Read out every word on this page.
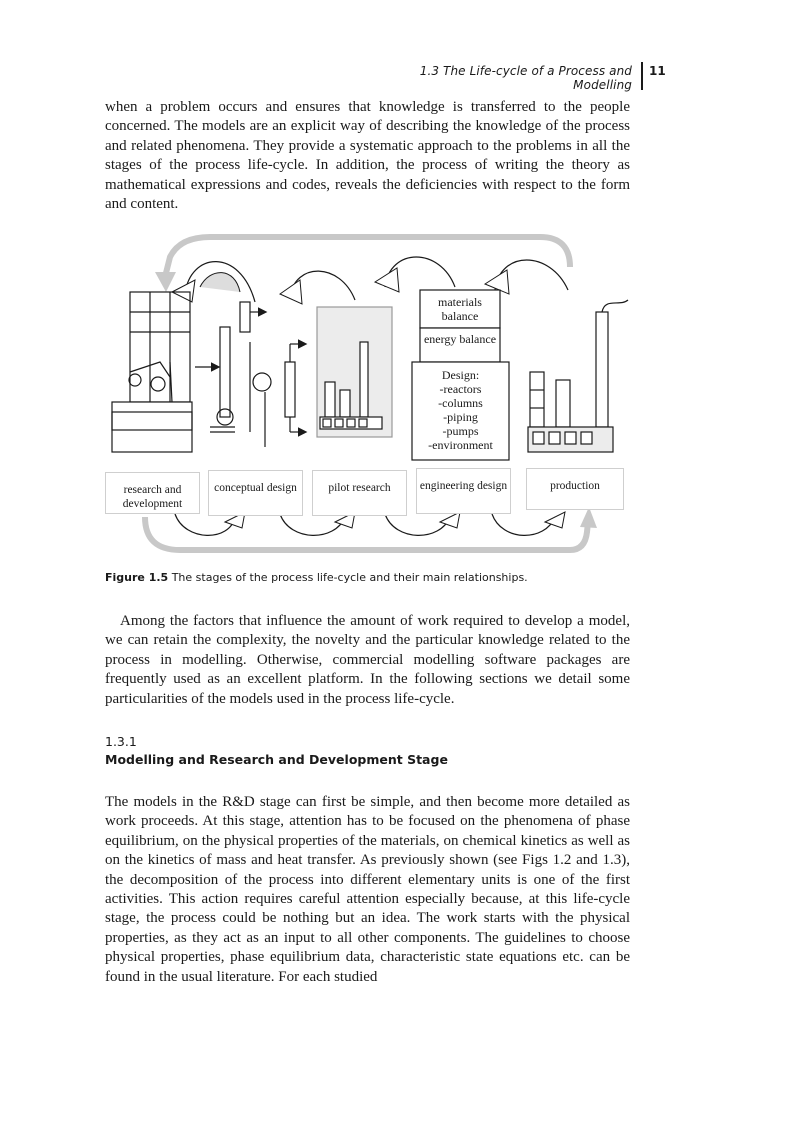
1.3 The Life-cycle of a Process and Modelling
11

when a problem occurs and ensures that knowledge is transferred to the people concerned. The models are an explicit way of describing the knowledge of the process and related phenomena. They provide a systematic approach to the problems in all the stages of the process life-cycle. In addition, the process of writing the theory as mathematical expressions and codes, reveals the deficiencies with respect to the form and content.

materials balance
energy balance
Design:
-reactors
-columns
-piping
-pumps
-environment
research and development
conceptual design	pilot research	engineering design	production
Figure 1.5 The stages of the process life-cycle and their main relationships.

Among the factors that influence the amount of work required to develop a model, we can retain the complexity, the novelty and the particular knowledge related to the process in modelling. Otherwise, commercial modelling software packages are frequently used as an excellent platform. In the following sections we detail some particularities of the models used in the process life-cycle.

1.3.1
Modelling and Research and Development Stage

The models in the R&D stage can first be simple, and then become more detailed as work proceeds. At this stage, attention has to be focused on the phenomena of phase equilibrium, on the physical properties of the materials, on chemical kinetics as well as on the kinetics of mass and heat transfer. As previously shown (see Figs 1.2 and 1.3), the decomposition of the process into different elementary units is one of the first activities. This action requires careful attention especially because, at this life-cycle stage, the process could be nothing but an idea. The work starts with the physical properties, as they act as an input to all other components. The guidelines to choose physical properties, phase equilibrium data, characteristic state equations etc. can be found in the usual literature. For each studied
